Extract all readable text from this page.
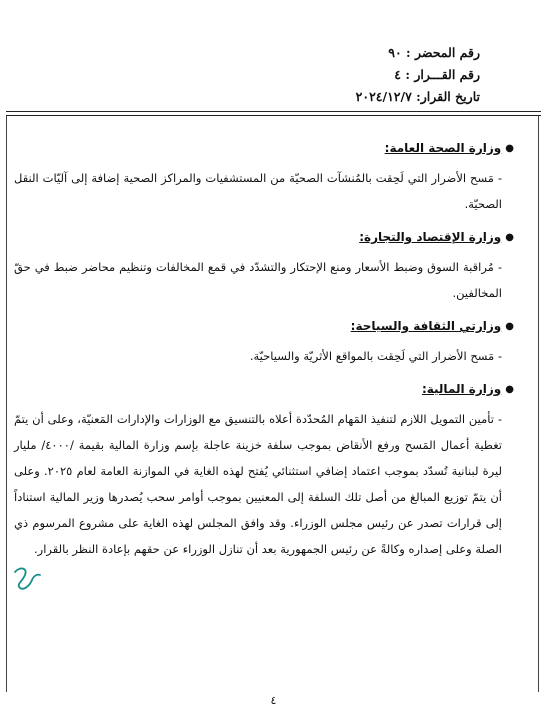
رقم المحضر : ٩٠
رقم القـــرار : ٤
تاريخ القرار: ٢٠٢٤/١٢/٧
●وزارة الصحة العامة:

- مَسح الأضرار التي لَحِقت بالمُنشآت الصحيّة من المستشفيات والمراكز الصحية إضافة إلى آليّات النقل الصحيّة.

●وزارة الإقتصاد والتجارة:

- مُراقبة السوق وضبط الأسعار ومنع الإحتكار والتشدّد في قمع المخالفات وتنظيم محاضر ضبط في حقّ المخالفين.

●وزارتي الثقافة والسياحة:

- مَسح الأضرار التي لَحِقت بالمواقع الأثريّة والسياحيّة.

●وزارة المالية:

- تأمين التمويل اللازم لتنفيذ المَهام المُحدّدة أعلاه بالتنسيق مع الوزارات والإدارات المَعنيّة، وعلى أن يتمّ تغطية أعمال المَسح ورفع الأنقاض بموجب سلفة خزينة عاجلة بإسم وزارة المالية بقيمة /٤٠٠٠/ مليار ليرة لبنانية تُسدّد بموجب اعتماد إضافي استثنائي يُفتح لهذه الغاية في الموازنة العامة لعام ٢٠٢٥. وعلى أن يتمّ توزيع المبالغ من أصل تلك السلفة إلى المعنيين بموجب أوامر سحب يُصدرها وزير المالية استناداً إلى قرارات تصدر عن رئيس مجلس الوزراء. وقد وافق المجلس لهذه الغاية على مشروع المرسوم ذي الصلة وعلى إصداره وكالةً عن رئيس الجمهورية بعد أن تنازل الوزراء عن حقهم بإعادة النظر بالقرار.

٤
